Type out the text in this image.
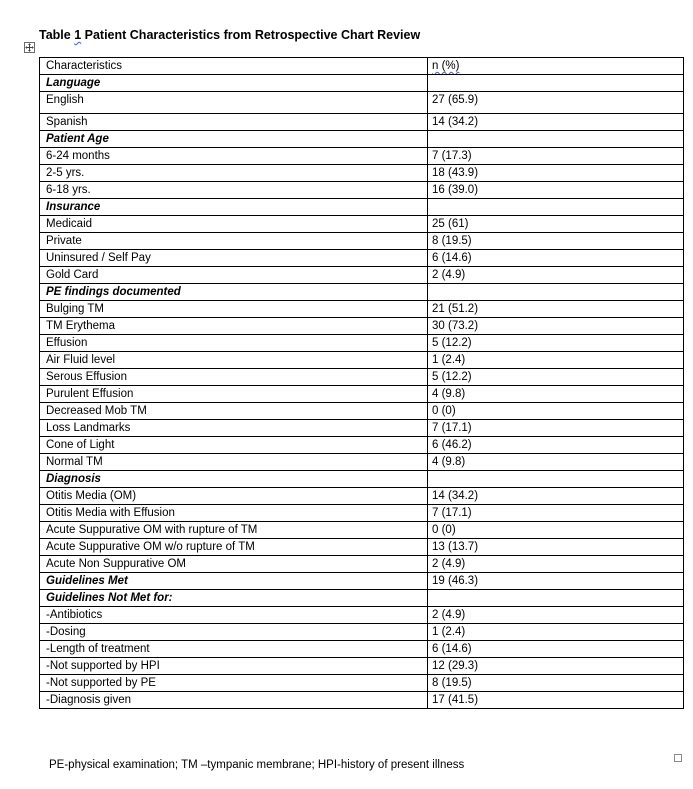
Table 1 Patient Characteristics from Retrospective Chart Review
Characteristics	n (%)
Language	
English	27 (65.9)
Spanish	14 (34.2)
Patient Age	
6-24 months	7 (17.3)
2-5 yrs.	18 (43.9)
6-18 yrs.	16 (39.0)
Insurance	
Medicaid	25 (61)
Private	8 (19.5)
Uninsured / Self Pay	6 (14.6)
Gold Card	2 (4.9)
PE findings documented	
Bulging TM	21 (51.2)
TM Erythema	30 (73.2)
Effusion	5 (12.2)
Air Fluid level	1 (2.4)
Serous Effusion	5 (12.2)
Purulent Effusion	4 (9.8)
Decreased Mob TM	0 (0)
Loss Landmarks	7 (17.1)
Cone of Light	6 (46.2)
Normal TM	4 (9.8)
Diagnosis	
Otitis Media (OM)	14 (34.2)
Otitis Media with Effusion	7 (17.1)
Acute Suppurative OM with rupture of TM	0 (0)
Acute Suppurative OM w/o rupture of TM	13 (13.7)
Acute Non Suppurative OM	2 (4.9)
Guidelines Met	19 (46.3)
Guidelines Not Met for:	
-Antibiotics	2 (4.9)
-Dosing	1 (2.4)
-Length of treatment	6 (14.6)
-Not supported by HPI	12 (29.3)
-Not supported by PE	8 (19.5)
-Diagnosis given	17 (41.5)
PE-physical examination; TM –tympanic membrane; HPI-history of present illness
